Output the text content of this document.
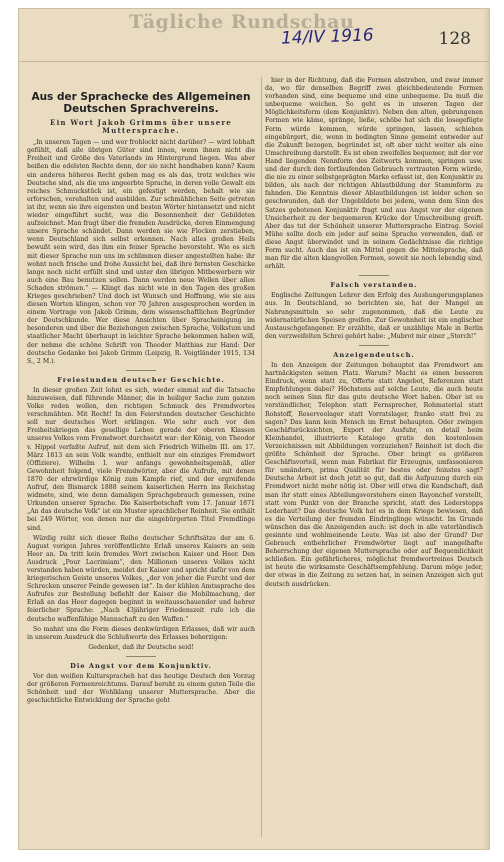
Tägliche Rundschau
14/IV 1916	128
Aus der Sprachecke des Allgemeinen Deutschen Sprachvereins.
Ein Wort Jakob Grimms über unsere Muttersprache.

„In unseren Tagen — und wer frohlockt nicht darüber? — wird lebhaft gefühlt, daß alle übrigen Güter sind innen, wenn ihnen nicht die Freiheit und Größe des Vaterlands im Hintergrund liegen. Was aber heißen die edelsten Rechte denn, der sie nicht handhaben kann? Kaum ein anderes höheres Recht geben mag es als das, trotz welches wie Deutsche sind, als die uns angeerbte Sprache, in deren volle Gewalt ein reiches Schmuckstück ist, ein gefestigt werden, behalt wie sie erforschen, verehalten und ausbilden. Zur schmählichen Seite getreten ist ihr, wenn sie ihre eigensten und besten Wörter hintansetzt und nicht wieder eingeführt sucht, was die Besonnenheit der Gebildeten aufzeichnet. Man fragt über die fremden Ausdrücke, deren Einmengung unsere Sprache schändet. Dann werden sie wie Flocken zerstieben, wenn Deutschland sich selbst erkennen. Nach alles großen Heils bewußt sein wird, das ihm ein feiner Sprache bevorsteht. Wie es sich mit dieser Sprache nun uns im schlimmen dieser angestellten habe: ihr wohnt noch frische und frohe Aussicht bei, daß ihre fernsten Geschicke lange noch nicht erfüllt sind und unter den übrigen Mitbewerbern wir auch eine Bau benutzen sollen. Dann werden neue Wellen über allen Schaden strömen.“ — Klingt das nicht wie in den Tagen des großen Krieges geschrieben? Und doch ist Wunsch und Hoffnung, wie sie aus diesen Worten klingen, schon vor 70 Jahren ausgesprochen worden in einem Vortrage von Jakob Grimm, dem wissenschaftlichen Begründer der Deutschkunde. Wer diese Ansichten über Spracheinigung im besonderen und über die Beziehungen zwischen Sprache, Volkstum und staatlicher Macht überhaupt in leichter Sprache bekommen haben will, der nehme die schöne Schrift von Theodor Matthias zur Hand: Der deutsche Gedanke bei Jakob Grimm (Leipzig, R. Voigtländer 1915, 134 S., 2 M.).

Freiestunden deutscher Geschichte.

In dieser großen Zeit lohnt es sich, wieder einmal auf die Tatsache hinzuweisen, daß führende Männer, die in heiliger Sache zum ganzen Volke reden wollen, den richtigen Schmuck des Fremdwortes verschmähten. Mit Recht! In den Feierstunden deutscher Geschichte soll nur deutsches Wort erklingen. Wie sehr auch vor den Freiheitskriegen das gesellige Leben gerade der oberen Klassen unseres Volkes vom Fremdwort durchsetzt war: der König, von Theodor v. Hippel verfaßte Aufruf, mit dem sich Friedrich Wilhelm III. am 17. März 1813 an sein Volk wandte, enthielt nur ein einziges Fremdwort (Offiziere). Wilhelm I. war anfangs gewohnheitsgemäß, aller Gewohnheit folgend, viele Fremdwörter, aber die Aufrufe, mit denen 1870 der ehrwürdige König zum Kampfe rief, und der ergreifende Aufruf, den Bismarck 1888 seinem kaiserlichen Herrn ins Reichstag widmete, sind, wie denn damaligen Sprachgebrauch gemessen, reine Urkunden unserer Sprache. Die Kaiserbotschaft vom 17. Januar 1871 „An das deutsche Volk“ ist ein Muster sprachlicher Reinheit. Sie enthält bei 249 Wörter, von denen nur die eingebürgerten Titel Fremdlinge sind.

Würdig reiht sich dieser Reihe deutscher Schriftsätze der am 6. August vorigen Jahres veröffentlichte Erlaß unseres Kaisers an sein Heer an. Da tritt kein fremdes Wort zwischen Kaiser und Heer. Den Ausdruck „Pour Lacrimiam“, den Millionen unseres Volkes nicht verstanden haben würden, meidet der Kaiser und spricht dafür von dem kriegerischen Geiste unseres Volkes, „der von jeher die Furcht und der Schrecken unserer Feinde gewesen ist“. In der kühlen Amtssprache des Aufrufes zur Bestellung befiehlt der Kaiser die Mobilmachung, der Erlaß an das Heer dagegen beginnt in weitausschauender und hehrer feierlicher Sprache: „Nach 43jähriger Friedenszeit rufe ich die deutsche waffenfähige Mannschaft zu den Waffen.“

So mahnt uns die Form dieses denkwürdigen Erlasses, daß wir auch in unserem Ausdruck die Schlußworte des Erlasses beherzigen:

Gedenket, daß ihr Deutsche seid!
Die Angst vor dem Konjunktiv.

Vor den weißen Kulturspracheh hat das heutige Deutsch den Vorzug der größeren Formenreichtums. Darauf beruht zu einem guten Teile die Schönheit und der Wohlklang unserer Muttersprache. Aber die geschichtliche Entwicklung der Sprache geht

hier in der Richtung, daß die Formen abstreben, und zwar immer da, wo für denselben Begriff zwei gleichbedeutende Formen vorhanden sind, eine bequeme und eine unbequeme. Da muß die unbequeme weichen. So geht es in unseren Tagen der Möglichkeitsform (dem Konjunktiv). Neben den alten, gebrungenen Formen wie käme, spränge, ließe, schöbe hat sich die losegefügte Form würde kommen, würde springen, lassen, schieben eingebürgert, die, wenn in bedingten Sinne gemeint entweder auf die Zukunft bezogen, begründet ist, oft aber nicht weiter als eine Umschreibung darstellt. Es ist eben zweifellos bequemer, mit der vor Hand liegenden Nennform des Zeitworts kommen, springen usw. und der durch den fortlaufenden Gebrauch vertrauten Form würde, die nie zu einer selbstgeprägten Marke erfasst ist, den Konjunktiv zu bilden, als nach der richtigen Ablautbildung der Stammform zu fahnden. Die Kenntnis dieser Ablautbildungen ist leider schon so geschwunden, daß der Ungebildete bei jedem, wenn dem Sinn des Satzes gebotenen Konjunktiv fragt und aus Angst vor der eigenen Unsicherheit zu der bequemeren Krücke der Umschreibung greift. Aber das tut der Schönheit unserer Muttersprache Eintrag. Soviel Mühe sollte doch ein jeder auf seine Sprache verwenden, daß er diese Angst überwindet und in seinem Gedächtnisse die richtige Form sucht. Auch das ist ein Mittel gegen die Mittelsprache, daß man für die alten klangvollen Formen, soweit sie noch lebendig sind, erhält.

Falsch verstanden.

Englische Zeitungen Lehrer den Erfolg des Aushungerungsplanes aus. In Deutschland, so berichten sie, hat der Mangel an Nahrungsmitteln so sehr zugenommen, daß die Leute zu widernatürlichen Speisen greifen. Zur Gewohnheit ist ein englischer Austauschgefangener. Er erzählte, daß er unzählige Male in Berlin den verzweifelten Schrei gehört habe: „Mubrot mir einer „Storch!“

Anzeigendeutsch.

In den Anzeigen der Zeitungen behauptet das Fremdwort am hartnäckigsten seinen Platz. Warum? Macht es einen besseren Eindruck, wenn statt zu, Offerte statt Angebot, Referenzen statt Empfehlungen dabei? Höchstens auf solche Leute, die auch heute noch seinen Sinn für das gute deutsche Wort haben. Ober ist es verständlicher, Telephon statt Fernsprecher, Rohmaterial statt Rohstoff, Reserveolager statt Vorratslager, franko statt frei zu sagen? Das kann kein Mensch im Ernst behaupten. Oder zwingen Geschäftsrücksichten, Export der Ausfuhr, en detail beim Kleinhandel, illustrierte Kataloge gratis den kostenlosen Verzeichnissen mit Abbildungen vorzuziehen? Reinheit ist doch die größte Schönheit der Sprache. Ober bringt es größeren Geschäftsvorteil, wenn man Fabrikat für Erzeugnis, umfassonieren für umändern, prima Qualität für bestes oder feinstes sagt? Deutsche Arbeit ist doch jetzt so gut, daß die Aufpuzung durch ein Fremdwort nicht mehr nötig ist. Ober will etwa die Kundschaft, daß man ihr statt eines Abteilungsvorstehers einen Rayonchef vorstellt, statt vom Punkt von der Branche spricht, statt des Lederstopps Lederhaut? Das deutsche Volk hat es in dem Kriege bewiesen, daß es die Verteilung der fremden Eindringlinge wünscht. Im Grunde wünschen das die Anzeigenden auch: ist doch in alle vaterländisch gesinnte und wohlmeinende Leute. Was ist also der Grund? Der Gebrauch entbehrlicher Fremdwörter liegt auf mangelhafte Beherrschung der eigenen Muttersprache oder auf Bequemlichkeit schließen. Ein gefährlicheres, möglichst fremdwortreines Deutsch ist heute die wirksamste Geschäftsempfehlung. Darum möge jeder, der etwas in die Zeitung zu setzen hat, in seinen Anzeigen sich gut deutsch ausdrücken.
